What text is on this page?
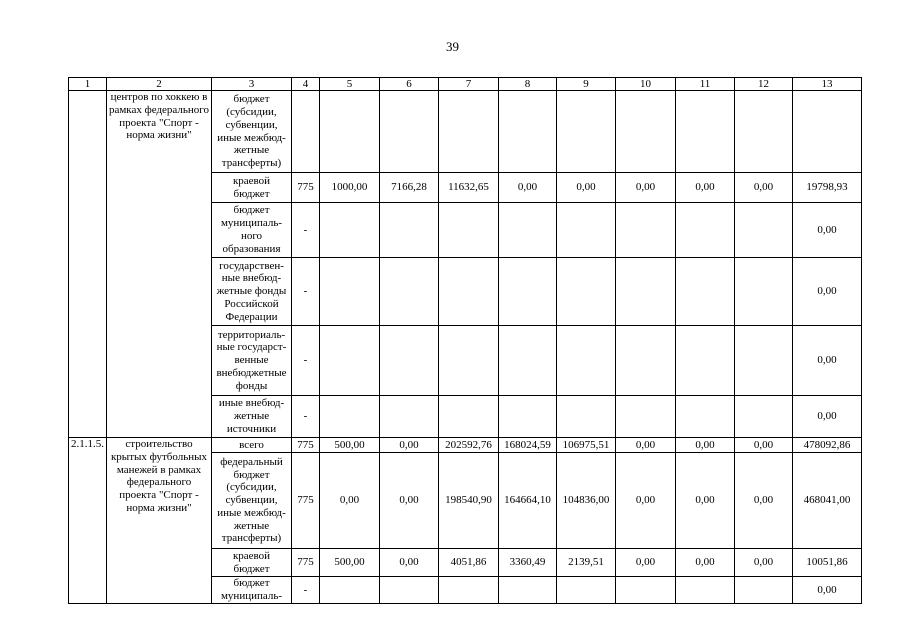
39
1	2	3	4	5	6	7	8	9	10	11	12	13
	центров по хоккею в рамках федерального проекта "Спорт - норма жизни"	бюджет (субсидии, субвенции, иные межбюд-жетные трансферты)										
		краевой бюджет	775	1000,00	7166,28	11632,65	0,00	0,00	0,00	0,00	0,00	19798,93
		бюджет муниципаль-ного образования	-									0,00
		государствен-ные внебюд-жетные фонды Российской Федерации	-									0,00
		территориаль-ные государст-венные внебюджетные фонды	-									0,00
		иные внебюд-жетные источники	-									0,00
2.1.1.5.	строительство крытых футбольных манежей в рамках федерального проекта "Спорт - норма жизни"	всего	775	500,00	0,00	202592,76	168024,59	106975,51	0,00	0,00	0,00	478092,86
		федеральный бюджет (субсидии, субвенции, иные межбюд-жетные трансферты)	775	0,00	0,00	198540,90	164664,10	104836,00	0,00	0,00	0,00	468041,00
		краевой бюджет	775	500,00	0,00	4051,86	3360,49	2139,51	0,00	0,00	0,00	10051,86
		бюджет муниципаль-	-									0,00
